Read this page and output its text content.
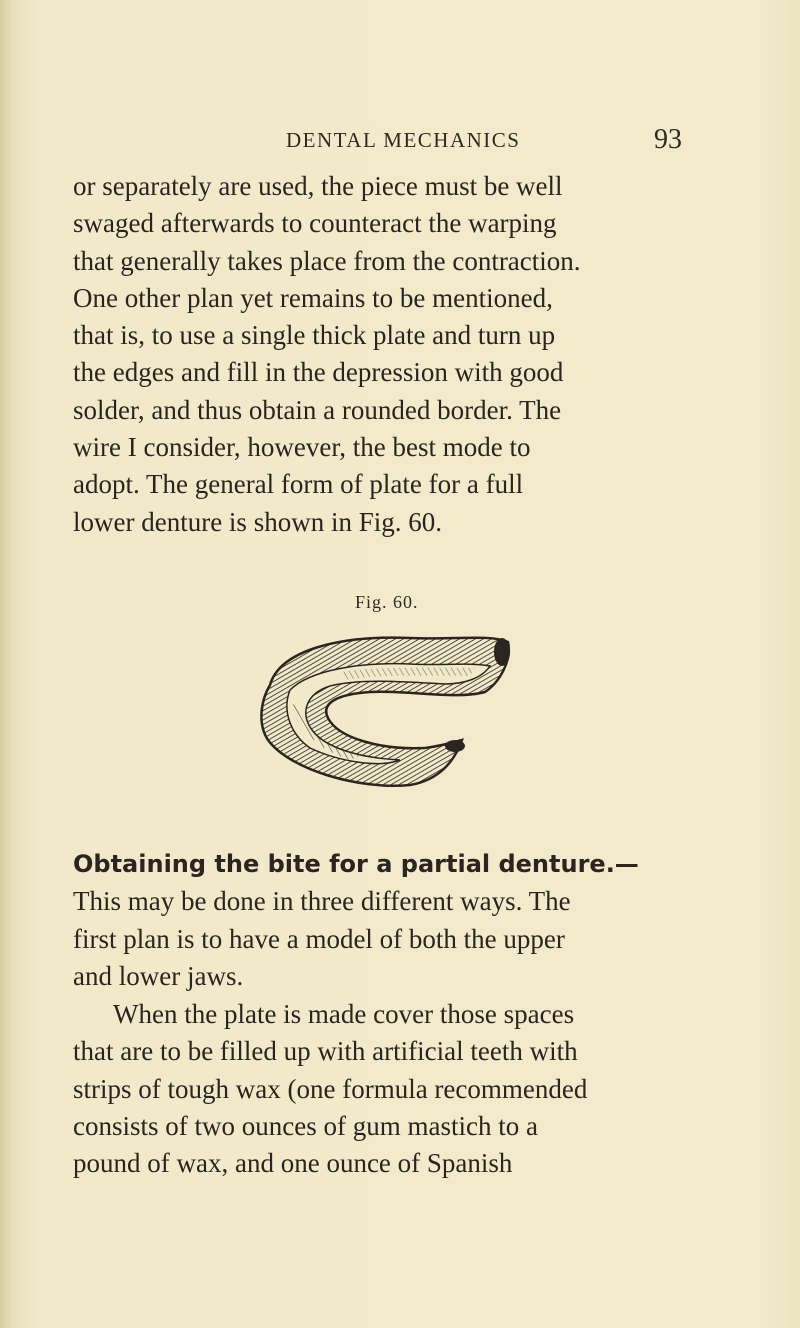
DENTAL MECHANICS	93
or separately are used, the piece must be well
swaged afterwards to counteract the warping
that generally takes place from the contraction.
One other plan yet remains to be mentioned,
that is, to use a single thick plate and turn up
the edges and fill in the depression with good
solder, and thus obtain a rounded border. The
wire I consider, however, the best mode to
adopt. The general form of plate for a full
lower denture is shown in Fig. 60.
Fig. 60.
Obtaining the bite for a partial denture.—
This may be done in three different ways. The
first plan is to have a model of both the upper
and lower jaws.
When the plate is made cover those spaces
that are to be filled up with artificial teeth with
strips of tough wax (one formula recommended
consists of two ounces of gum mastich to a
pound of wax, and one ounce of Spanish
